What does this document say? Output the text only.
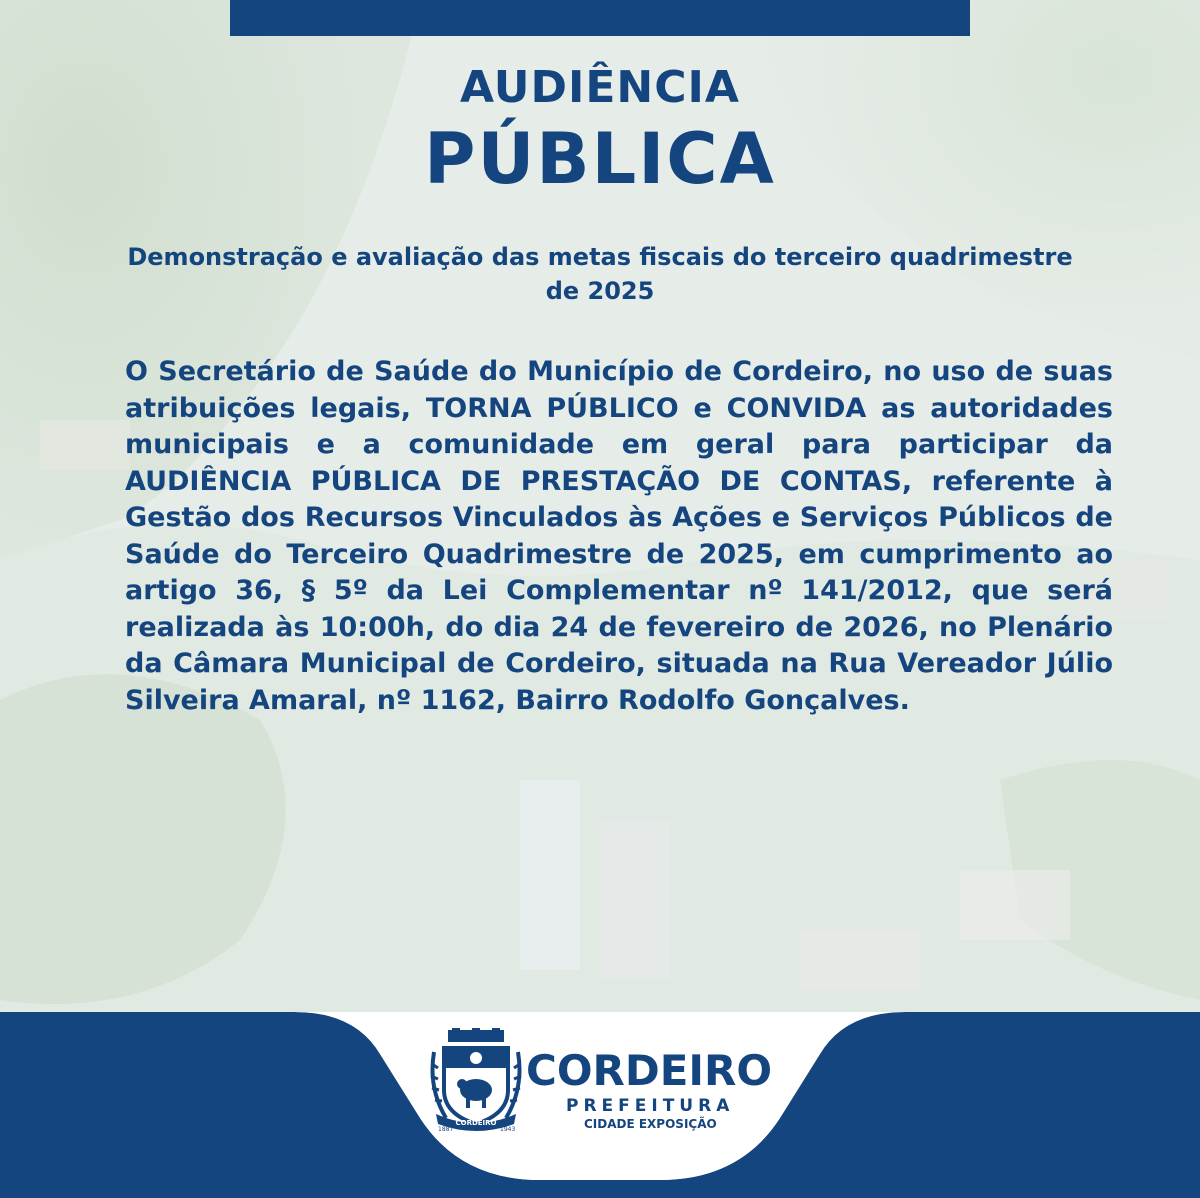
AUDIÊNCIA
PÚBLICA

Demonstração e avaliação das metas fiscais do terceiro quadrimestre de 2025

O Secretário de Saúde do Município de Cordeiro, no uso de suas atribuições legais, TORNA PÚBLICO e CONVIDA as autoridades municipais e a comunidade em geral para participar da AUDIÊNCIA PÚBLICA DE PRESTAÇÃO DE CONTAS, referente à Gestão dos Recursos Vinculados às Ações e Serviços Públicos de Saúde do Terceiro Quadrimestre de 2025, em cumprimento ao artigo 36, § 5º da Lei Complementar nº 141/2012, que será realizada às 10:00h, do dia 24 de fevereiro de 2026, no Plenário da Câmara Municipal de Cordeiro, situada na Rua Vereador Júlio Silveira Amaral, nº 1162, Bairro Rodolfo Gonçalves.

CORDEIRO
1887	1943
CORDEIRO
PREFEITURA
CIDADE EXPOSIÇÃO
